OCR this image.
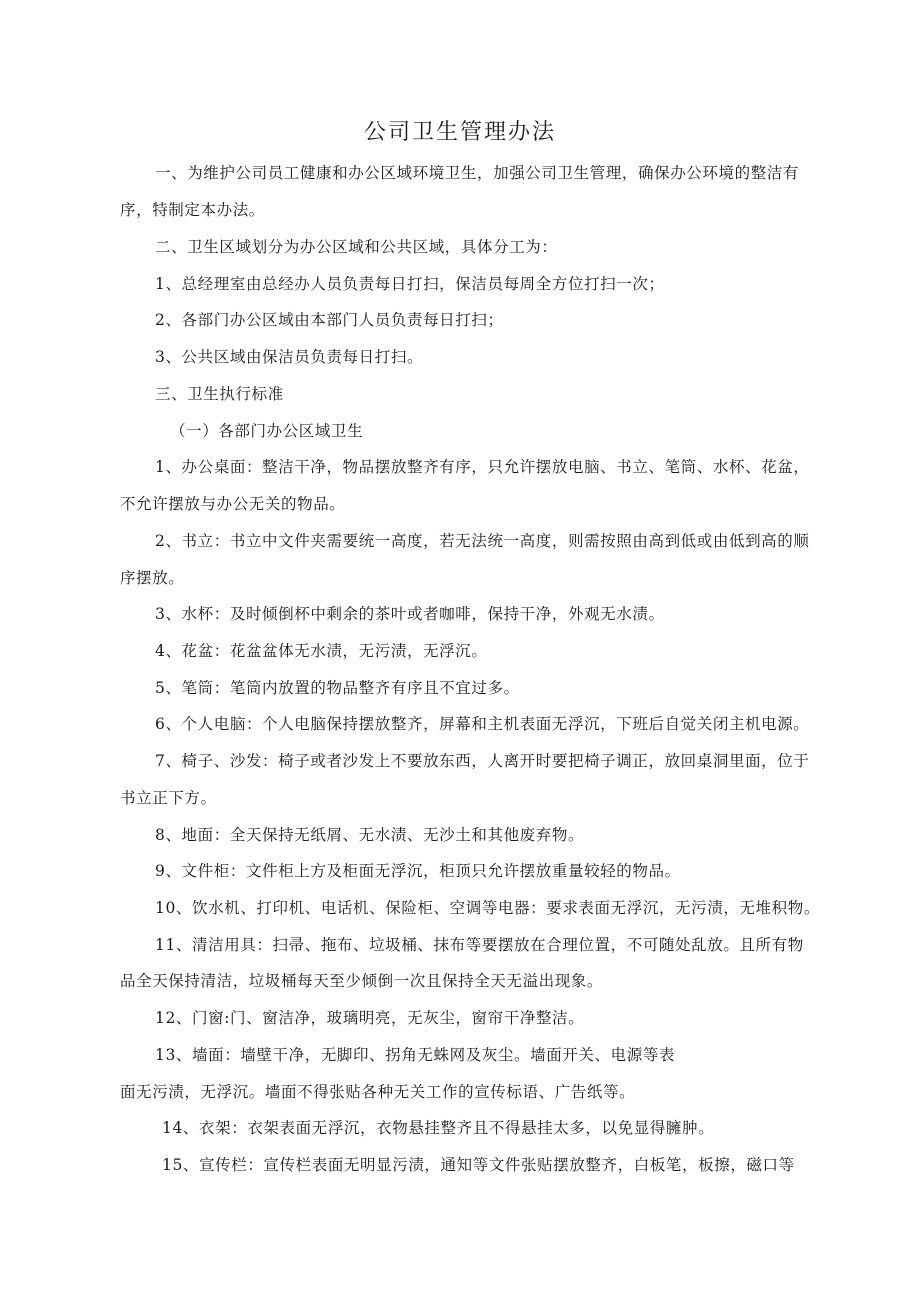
公司卫生管理办法
一、为维护公司员工健康和办公区域环境卫生，加强公司卫生管理，确保办公环境的整洁有
序，特制定本办法。
二、卫生区域划分为办公区域和公共区域，具体分工为：
1、总经理室由总经办人员负责每日打扫，保洁员每周全方位打扫一次；
2、各部门办公区域由本部门人员负责每日打扫；
3、公共区域由保洁员负责每日打扫。
三、卫生执行标准
（一）各部门办公区域卫生
1、办公桌面：整洁干净，物品摆放整齐有序，只允许摆放电脑、书立、笔筒、水杯、花盆，
不允许摆放与办公无关的物品。
2、书立：书立中文件夹需要统一高度，若无法统一高度，则需按照由高到低或由低到高的顺
序摆放。
3、水杯：及时倾倒杯中剩余的茶叶或者咖啡，保持干净，外观无水渍。
4、花盆：花盆盆体无水渍，无污渍，无浮沉。
5、笔筒：笔筒内放置的物品整齐有序且不宜过多。
6、个人电脑：个人电脑保持摆放整齐，屏幕和主机表面无浮沉，下班后自觉关闭主机电源。
7、椅子、沙发：椅子或者沙发上不要放东西，人离开时要把椅子调正，放回桌洞里面，位于
书立正下方。
8、地面：全天保持无纸屑、无水渍、无沙土和其他废弃物。
9、文件柜：文件柜上方及柜面无浮沉，柜顶只允许摆放重量较轻的物品。
10、饮水机、打印机、电话机、保险柜、空调等电器：要求表面无浮沉，无污渍，无堆积物。
11、清洁用具：扫帚、拖布、垃圾桶、抹布等要摆放在合理位置，不可随处乱放。且所有物
品全天保持清洁，垃圾桶每天至少倾倒一次且保持全天无溢出现象。
12、门窗:门、窗洁净，玻璃明亮，无灰尘，窗帘干净整洁。
13、墙面：墙壁干净，无脚印、拐角无蛛网及灰尘。墙面开关、电源等表
面无污渍，无浮沉。墙面不得张贴各种无关工作的宣传标语、广告纸等。
14、衣架：衣架表面无浮沉，衣物悬挂整齐且不得悬挂太多，以免显得臃肿。
15、宣传栏：宣传栏表面无明显污渍，通知等文件张贴摆放整齐，白板笔，板擦，磁口等
